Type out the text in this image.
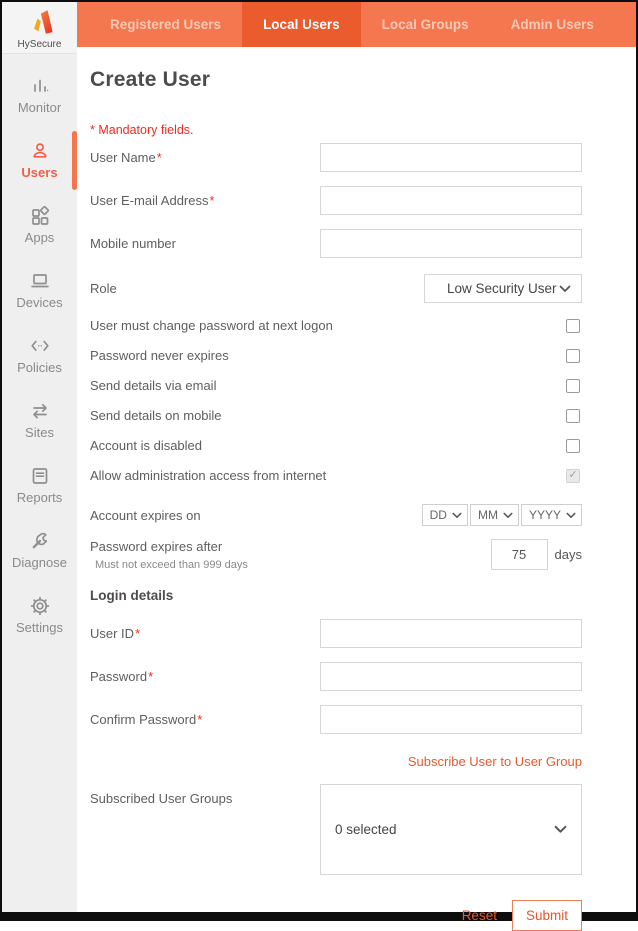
HySecure
Monitor
Users
Apps
Devices
Policies
Sites
Reports
Diagnose
Settings
Registered Users	Local Users	Local Groups	Admin Users
Create User
* Mandatory fields.
User Name*
User E-mail Address*
Mobile number
Role	Low Security User
User must change password at next logon
Password never expires
Send details via email
Send details on mobile
Account is disabled
Allow administration access from internet	✓
Account expires on	DD	MM	YYYY
Password expires after
Must not exceed than 999 days
75
days
Login details
User ID*
Password*
Confirm Password*
Subscribe User to User Group
Subscribed User Groups
0 selected
Reset	Submit
